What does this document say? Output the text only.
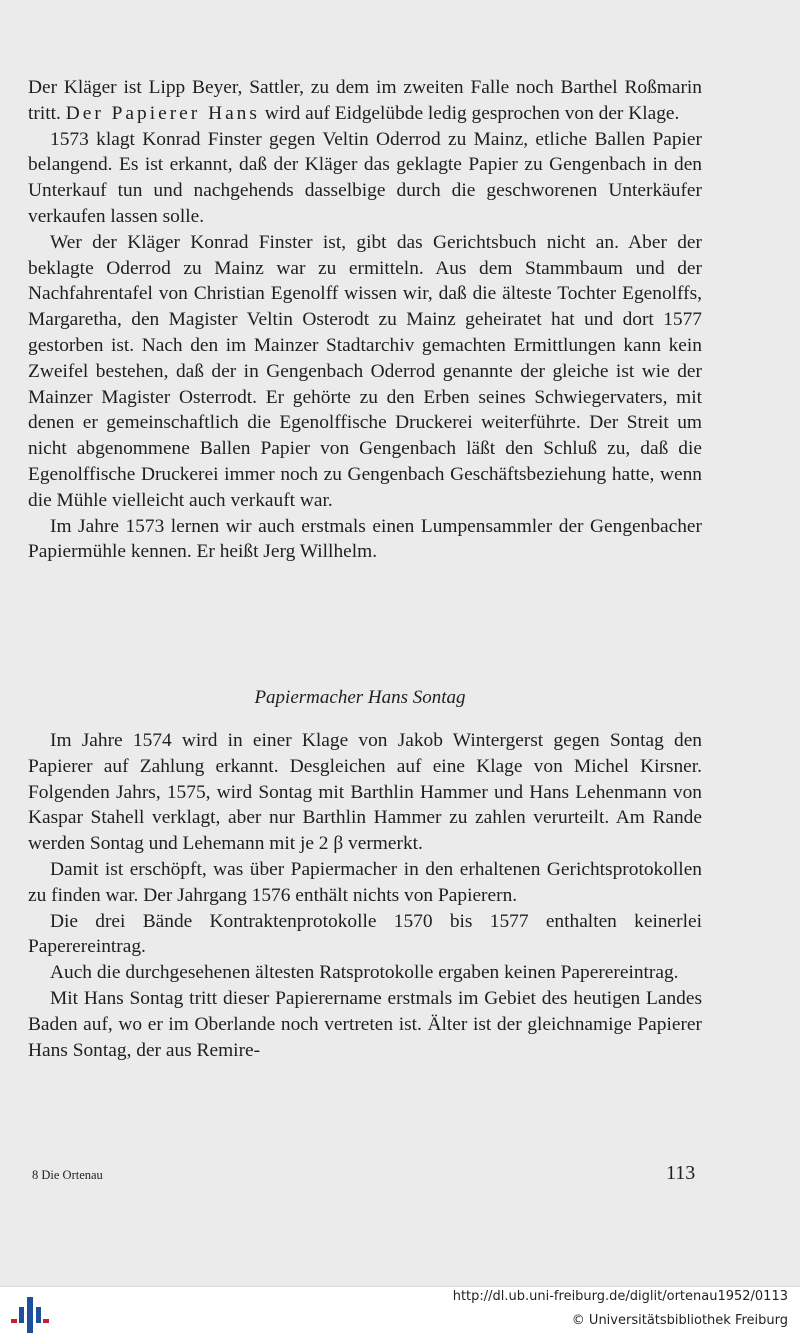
Der Kläger ist Lipp Beyer, Sattler, zu dem im zweiten Falle noch Barthel Roßmarin tritt. Der Papierer Hans wird auf Eidgelübde ledig gesprochen von der Klage.

1573 klagt Konrad Finster gegen Veltin Oderrod zu Mainz, etliche Ballen Papier belangend. Es ist erkannt, daß der Kläger das geklagte Papier zu Gengenbach in den Unterkauf tun und nachgehends dasselbige durch die geschworenen Unterkäufer verkaufen lassen solle.

Wer der Kläger Konrad Finster ist, gibt das Gerichtsbuch nicht an. Aber der beklagte Oderrod zu Mainz war zu ermitteln. Aus dem Stammbaum und der Nachfahrentafel von Christian Egenolff wissen wir, daß die älteste Tochter Egenolffs, Margaretha, den Magister Veltin Osterodt zu Mainz geheiratet hat und dort 1577 gestorben ist. Nach den im Mainzer Stadtarchiv gemachten Ermittlungen kann kein Zweifel bestehen, daß der in Gengenbach Oderrod genannte der gleiche ist wie der Mainzer Magister Osterrodt. Er gehörte zu den Erben seines Schwiegervaters, mit denen er gemeinschaftlich die Egenolffische Druckerei weiterführte. Der Streit um nicht abgenommene Ballen Papier von Gengenbach läßt den Schluß zu, daß die Egenolffische Druckerei immer noch zu Gengenbach Geschäftsbeziehung hatte, wenn die Mühle vielleicht auch verkauft war.

Im Jahre 1573 lernen wir auch erstmals einen Lumpensammler der Gengenbacher Papiermühle kennen. Er heißt Jerg Willhelm.

Papiermacher Hans Sontag

Im Jahre 1574 wird in einer Klage von Jakob Wintergerst gegen Sontag den Papierer auf Zahlung erkannt. Desgleichen auf eine Klage von Michel Kirsner. Folgenden Jahrs, 1575, wird Sontag mit Barthlin Hammer und Hans Lehenmann von Kaspar Stahell verklagt, aber nur Barthlin Hammer zu zahlen verurteilt. Am Rande werden Sontag und Lehemann mit je 2 β vermerkt.

Damit ist erschöpft, was über Papiermacher in den erhaltenen Gerichtsprotokollen zu finden war. Der Jahrgang 1576 enthält nichts von Papierern.

Die drei Bände Kontraktenprotokolle 1570 bis 1577 enthalten keinerlei Paperereintrag.

Auch die durchgesehenen ältesten Ratsprotokolle ergaben keinen Paperereintrag.

Mit Hans Sontag tritt dieser Papierername erstmals im Gebiet des heutigen Landes Baden auf, wo er im Oberlande noch vertreten ist. Älter ist der gleichnamige Papierer Hans Sontag, der aus Remire-

8 Die Ortenau	113
http://dl.ub.uni-freiburg.de/diglit/ortenau1952/0113
© Universitätsbibliothek Freiburg
